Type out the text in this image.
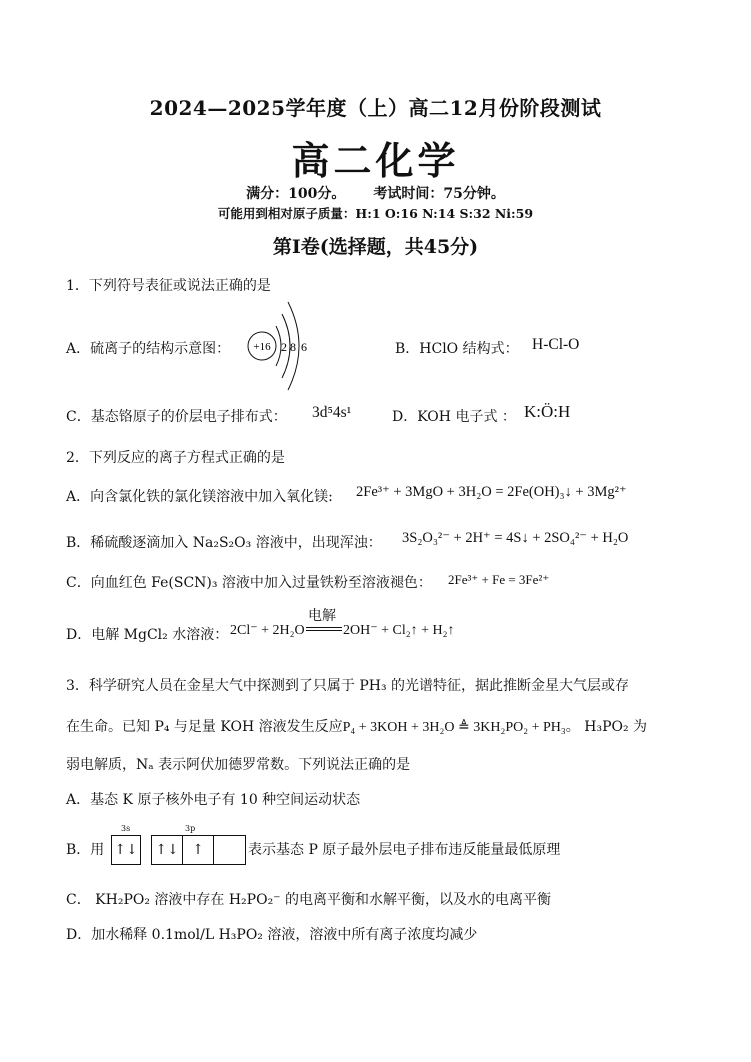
2024—2025学年度（上）高二12月份阶段测试
高二化学
满分：100分。 考试时间：75分钟。
可能用到相对原子质量：H:1 O:16 N:14 S:32 Ni:59
第Ⅰ卷(选择题，共45分)
1．下列符号表征或说法正确的是
A．硫离子的结构示意图： +16 2 8 6	B．HClO 结构式： H-Cl-O
C．基态铬原子的价层电子排布式： 3d⁵4s¹	D．KOH 电子式 ： K:Ö:H
2．下列反应的离子方程式正确的是
A．向含氯化铁的氯化镁溶液中加入氧化镁: 2Fe³⁺ + 3MgO + 3H₂O = 2Fe(OH)₃↓ + 3Mg²⁺
B．稀硫酸逐滴加入 Na₂S₂O₃ 溶液中，出现浑浊： 3S₂O₃²⁻ + 2H⁺ = 4S↓ + 2SO₄²⁻ + H₂O
C．向血红色 Fe(SCN)₃ 溶液中加入过量铁粉至溶液褪色： 2Fe³⁺ + Fe = 3Fe²⁺
D．电解 MgCl₂ 水溶液： 2Cl⁻ + 2H₂O
电解
2OH⁻ + Cl₂↑ + H₂↑
3．科学研究人员在金星大气中探测到了只属于 PH₃ 的光谱特征，据此推断金星大气层或存
在生命。已知 P₄ 与足量 KOH 溶液发生反应P₄ + 3KOH + 3H₂O ≜ 3KH₂PO₂ + PH₃。 H₃PO₂ 为
弱电解质，Nₐ 表示阿伏加德罗常数。下列说法正确的是
A．基态 K 原子核外电子有 10 种空间运动状态
B．用
3s
↑↓
3p
↑↓ ↑	表示基态 P 原子最外层电子排布违反能量最低原理
C． KH₂PO₂ 溶液中存在 H₂PO₂⁻ 的电离平衡和水解平衡，以及水的电离平衡
D．加水稀释 0.1mol/L H₃PO₂ 溶液，溶液中所有离子浓度均减少
